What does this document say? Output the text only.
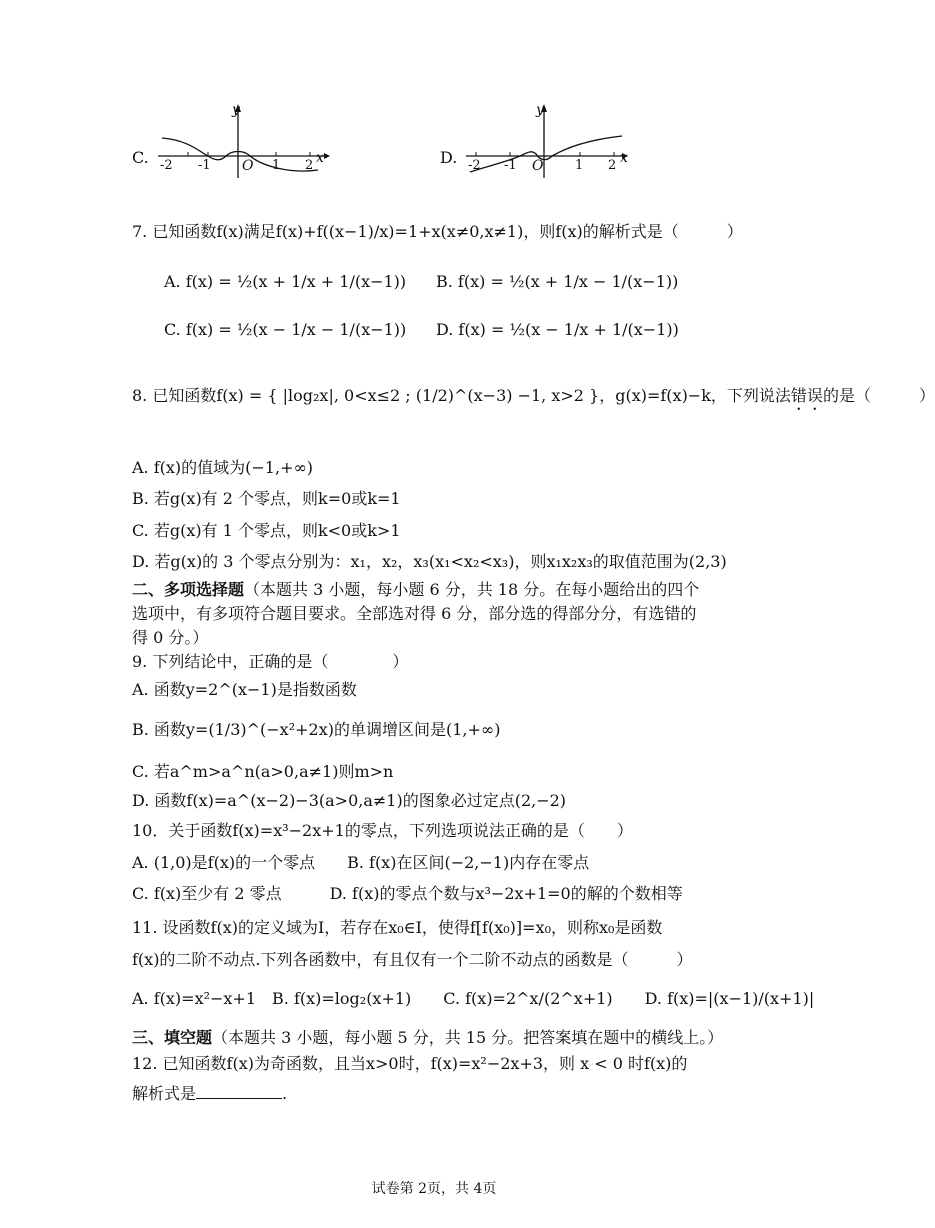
C.
y
x
O
-2 -1	1 2	D.
y
x
O
-2 -1	1 2
7. 已知函数f(x)满足f(x)+f((x−1)/x)=1+x(x≠0,x≠1)，则f(x)的解析式是（　　　）
A. f(x) = ½(x + 1/x + 1/(x−1)) B. f(x) = ½(x + 1/x − 1/(x−1))
C. f(x) = ½(x − 1/x − 1/(x−1)) D. f(x) = ½(x − 1/x + 1/(x−1))
8. 已知函数f(x) = { |log₂x|, 0<x≤2 ; (1/2)^(x−3) −1, x>2 }，g(x)=f(x)−k，下列说法错误的是（　　　）
A. f(x)的值域为(−1,+∞)
B. 若g(x)有 2 个零点，则k=0或k=1
C. 若g(x)有 1 个零点，则k<0或k>1
D. 若g(x)的 3 个零点分别为：x₁，x₂，x₃(x₁<x₂<x₃)，则x₁x₂x₃的取值范围为(2,3)
二、多项选择题（本题共 3 小题，每小题 6 分，共 18 分。在每小题给出的四个
选项中，有多项符合题目要求。全部选对得 6 分，部分选的得部分分，有选错的
得 0 分。）
9. 下列结论中，正确的是（　　　　）
A. 函数y=2^(x−1)是指数函数
B. 函数y=(1/3)^(−x²+2x)的单调增区间是(1,+∞)
C. 若a^m>a^n(a>0,a≠1)则m>n
D. 函数f(x)=a^(x−2)−3(a>0,a≠1)的图象必过定点(2,−2)
10．关于函数f(x)=x³−2x+1的零点，下列选项说法正确的是（　　）
A. (1,0)是f(x)的一个零点　　B. f(x)在区间(−2,−1)内存在零点
C. f(x)至少有 2 零点　　　D. f(x)的零点个数与x³−2x+1=0的解的个数相等
11. 设函数f(x)的定义域为I，若存在x₀∈I，使得f[f(x₀)]=x₀，则称x₀是函数
f(x)的二阶不动点.下列各函数中，有且仅有一个二阶不动点的函数是（　　　）
A. f(x)=x²−x+1　B. f(x)=log₂(x+1)　　C. f(x)=2^x/(2^x+1)　　D. f(x)=|(x−1)/(x+1)|
三、填空题（本题共 3 小题，每小题 5 分，共 15 分。把答案填在题中的横线上。）
12. 已知函数f(x)为奇函数，且当x>0时，f(x)=x²−2x+3，则 x < 0 时f(x)的
解析式是	.
试卷第 2页，共 4页
